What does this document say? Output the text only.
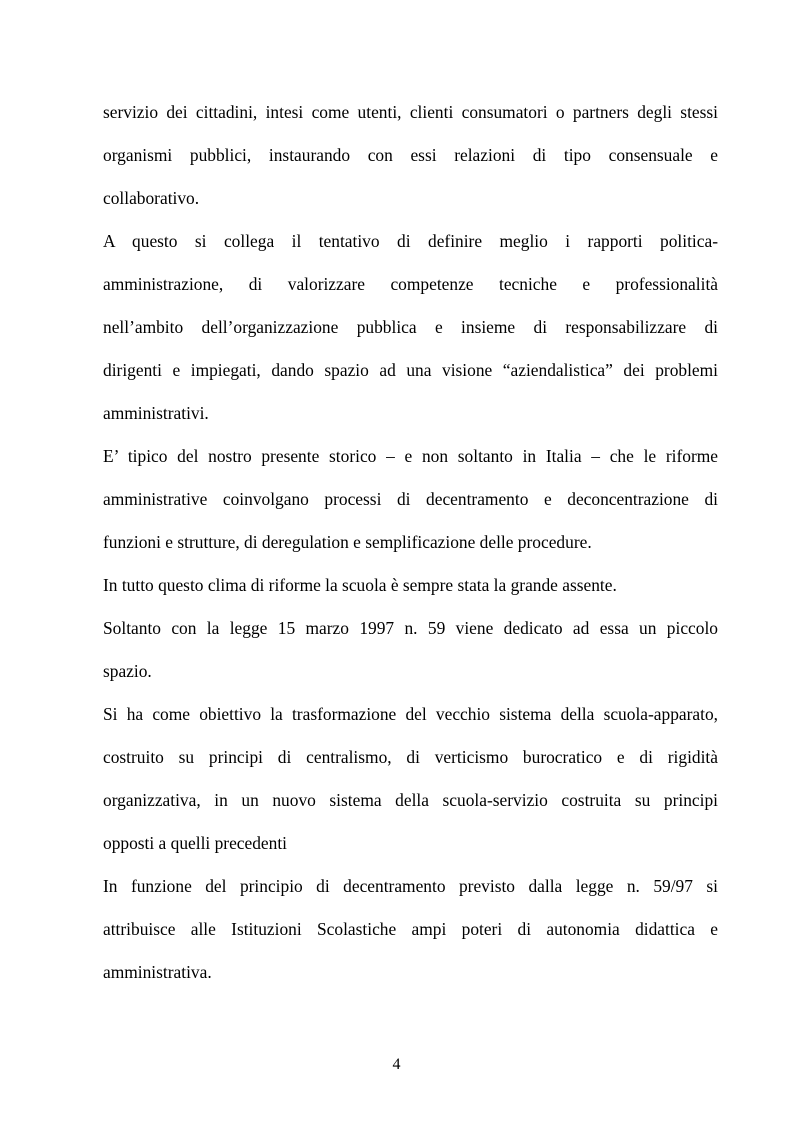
servizio dei cittadini, intesi come utenti, clienti consumatori o partners degli stessi
organismi pubblici, instaurando con essi relazioni di tipo consensuale e
collaborativo.
A questo si collega il tentativo di definire meglio i rapporti politica-
amministrazione, di valorizzare competenze tecniche e professionalità
nell’ambito dell’organizzazione pubblica e insieme di responsabilizzare di
dirigenti e impiegati, dando spazio ad una visione “aziendalistica” dei problemi
amministrativi.
E’ tipico del nostro presente storico – e non soltanto in Italia – che le riforme
amministrative coinvolgano processi di decentramento e deconcentrazione di
funzioni e strutture, di deregulation e semplificazione delle procedure.
In tutto questo clima di riforme la scuola è sempre stata la grande assente.
Soltanto con la legge 15 marzo 1997 n. 59 viene dedicato ad essa un piccolo
spazio.
Si ha come obiettivo la trasformazione del vecchio sistema della scuola-apparato,
costruito su principi di centralismo, di verticismo burocratico e di rigidità
organizzativa, in un nuovo sistema della scuola-servizio costruita su principi
opposti a quelli precedenti
In funzione del principio di decentramento previsto dalla legge n. 59/97 si
attribuisce alle Istituzioni Scolastiche ampi poteri di autonomia didattica e
amministrativa.
4
